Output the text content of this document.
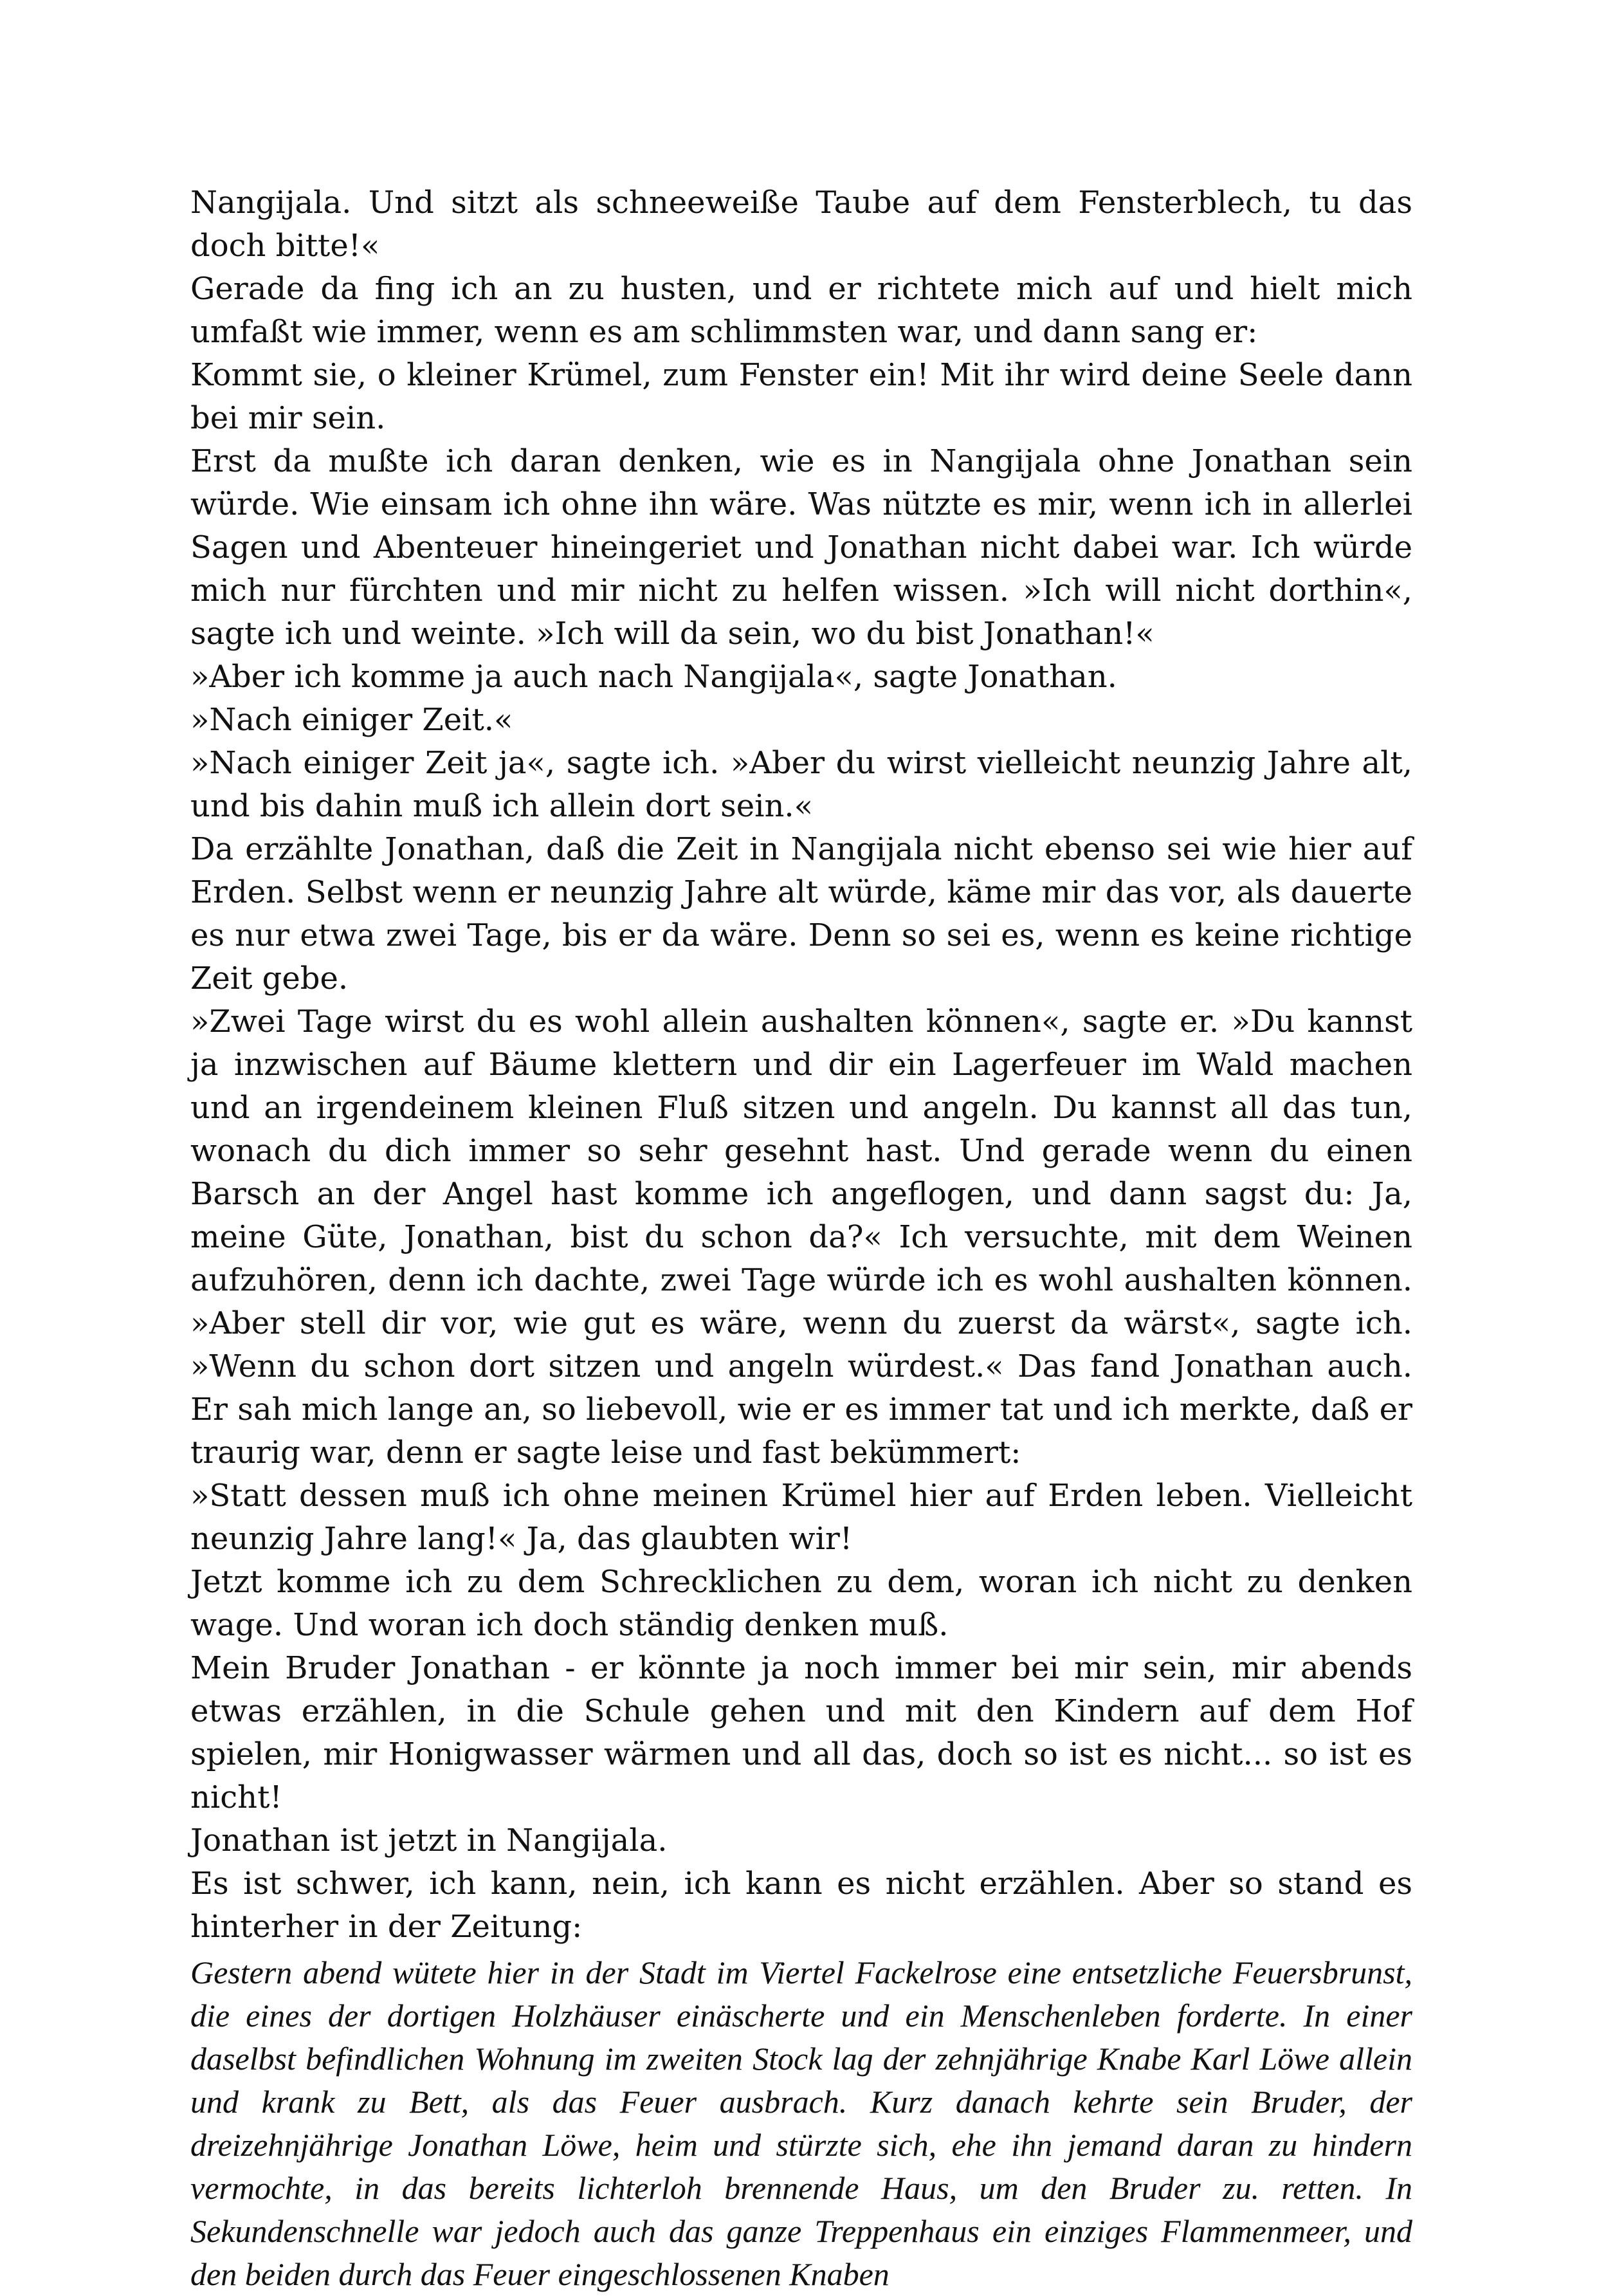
Nangijala. Und sitzt als schneeweiße Taube auf dem Fensterblech, tu das doch bitte!«

Gerade da fing ich an zu husten, und er richtete mich auf und hielt mich umfaßt wie immer, wenn es am schlimmsten war, und dann sang er:

Kommt sie, o kleiner Krümel, zum Fenster ein! Mit ihr wird deine Seele dann bei mir sein.

Erst da mußte ich daran denken, wie es in Nangijala ohne Jonathan sein würde. Wie einsam ich ohne ihn wäre. Was nützte es mir, wenn ich in allerlei Sagen und Abenteuer hineingeriet und Jonathan nicht dabei war. Ich würde mich nur fürchten und mir nicht zu helfen wissen. »Ich will nicht dorthin«, sagte ich und weinte. »Ich will da sein, wo du bist Jonathan!«

»Aber ich komme ja auch nach Nangijala«, sagte Jonathan.

»Nach einiger Zeit.«

»Nach einiger Zeit ja«, sagte ich. »Aber du wirst vielleicht neunzig Jahre alt, und bis dahin muß ich allein dort sein.«

Da erzählte Jonathan, daß die Zeit in Nangijala nicht ebenso sei wie hier auf Erden. Selbst wenn er neunzig Jahre alt würde, käme mir das vor, als dauerte es nur etwa zwei Tage, bis er da wäre. Denn so sei es, wenn es keine richtige Zeit gebe.

»Zwei Tage wirst du es wohl allein aushalten können«, sagte er. »Du kannst ja inzwischen auf Bäume klettern und dir ein Lagerfeuer im Wald machen und an irgendeinem kleinen Fluß sitzen und angeln. Du kannst all das tun, wonach du dich immer so sehr gesehnt hast. Und gerade wenn du einen Barsch an der Angel hast komme ich angeflogen, und dann sagst du: Ja, meine Güte, Jonathan, bist du schon da?« Ich versuchte, mit dem Weinen aufzuhören, denn ich dachte, zwei Tage würde ich es wohl aushalten können. »Aber stell dir vor, wie gut es wäre, wenn du zuerst da wärst«, sagte ich. »Wenn du schon dort sitzen und angeln würdest.« Das fand Jonathan auch. Er sah mich lange an, so liebevoll, wie er es immer tat und ich merkte, daß er traurig war, denn er sagte leise und fast bekümmert:

»Statt dessen muß ich ohne meinen Krümel hier auf Erden leben. Vielleicht neunzig Jahre lang!« Ja, das glaubten wir!

Jetzt komme ich zu dem Schrecklichen zu dem, woran ich nicht zu denken wage. Und woran ich doch ständig denken muß.

Mein Bruder Jonathan - er könnte ja noch immer bei mir sein, mir abends etwas erzählen, in die Schule gehen und mit den Kindern auf dem Hof spielen, mir Honigwasser wärmen und all das, doch so ist es nicht... so ist es nicht!

Jonathan ist jetzt in Nangijala.

Es ist schwer, ich kann, nein, ich kann es nicht erzählen. Aber so stand es hinterher in der Zeitung:

Gestern abend wütete hier in der Stadt im Viertel Fackelrose eine entsetzliche Feuersbrunst, die eines der dortigen Holzhäuser einäscherte und ein Menschenleben forderte. In einer daselbst befindlichen Wohnung im zweiten Stock lag der zehnjährige Knabe Karl Löwe allein und krank zu Bett, als das Feuer ausbrach. Kurz danach kehrte sein Bruder, der dreizehnjährige Jonathan Löwe, heim und stürzte sich, ehe ihn jemand daran zu hindern vermochte, in das bereits lichterloh brennende Haus, um den Bruder zu. retten. In Sekundenschnelle war jedoch auch das ganze Treppenhaus ein einziges Flammenmeer, und den beiden durch das Feuer eingeschlossenen Knaben
